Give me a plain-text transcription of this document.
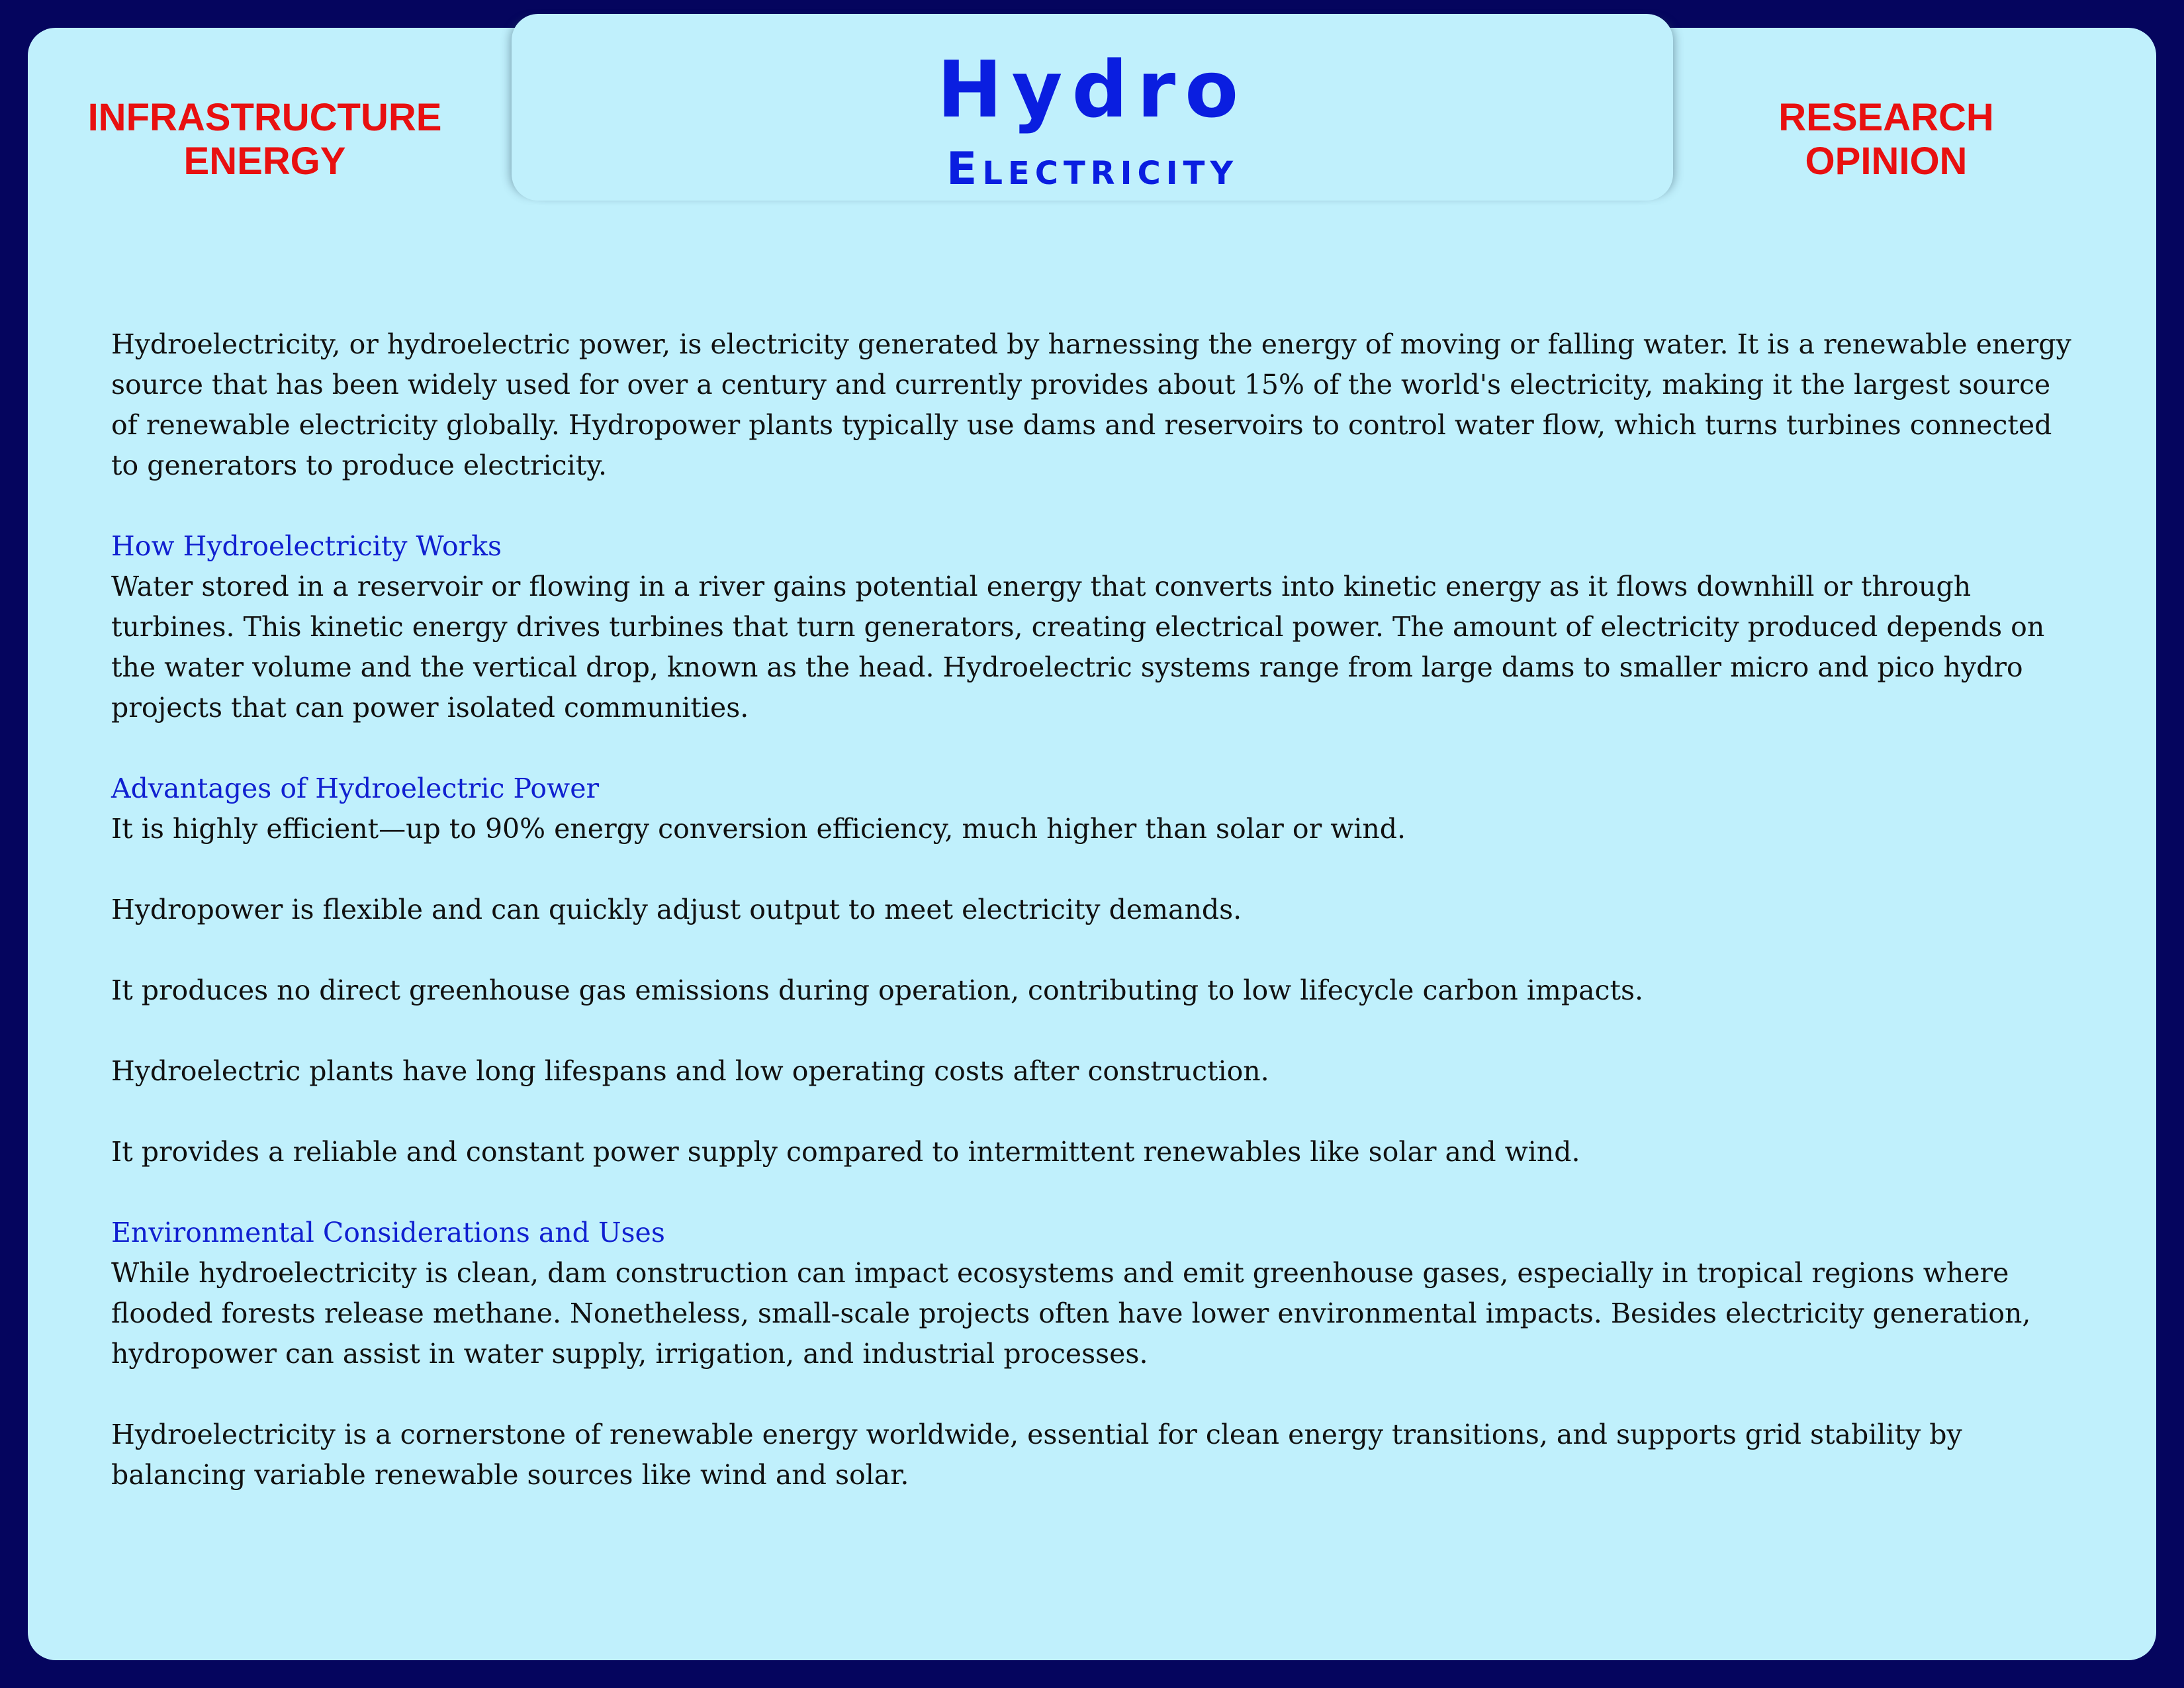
Hydro
Electricity
INFRASTRUCTURE
ENERGY
RESEARCH
OPINION

Hydroelectricity, or hydroelectric power, is electricity generated by harnessing the energy of moving or falling water. It is a renewable energy source that has been widely used for over a century and currently provides about 15% of the world's electricity, making it the largest source of renewable electricity globally. Hydropower plants typically use dams and reservoirs to control water flow, which turns turbines connected to generators to produce electricity.

How Hydroelectricity Works

Water stored in a reservoir or flowing in a river gains potential energy that converts into kinetic energy as it flows downhill or through turbines. This kinetic energy drives turbines that turn generators, creating electrical power. The amount of electricity produced depends on the water volume and the vertical drop, known as the head. Hydroelectric systems range from large dams to smaller micro and pico hydro projects that can power isolated communities.

Advantages of Hydroelectric Power

It is highly efficient—up to 90% energy conversion efficiency, much higher than solar or wind.

Hydropower is flexible and can quickly adjust output to meet electricity demands.

It produces no direct greenhouse gas emissions during operation, contributing to low lifecycle carbon impacts.

Hydroelectric plants have long lifespans and low operating costs after construction.

It provides a reliable and constant power supply compared to intermittent renewables like solar and wind.

Environmental Considerations and Uses

While hydroelectricity is clean, dam construction can impact ecosystems and emit greenhouse gases, especially in tropical regions where flooded forests release methane. Nonetheless, small-scale projects often have lower environmental impacts. Besides electricity generation, hydropower can assist in water supply, irrigation, and industrial processes.

Hydroelectricity is a cornerstone of renewable energy worldwide, essential for clean energy transitions, and supports grid stability by balancing variable renewable sources like wind and solar.
